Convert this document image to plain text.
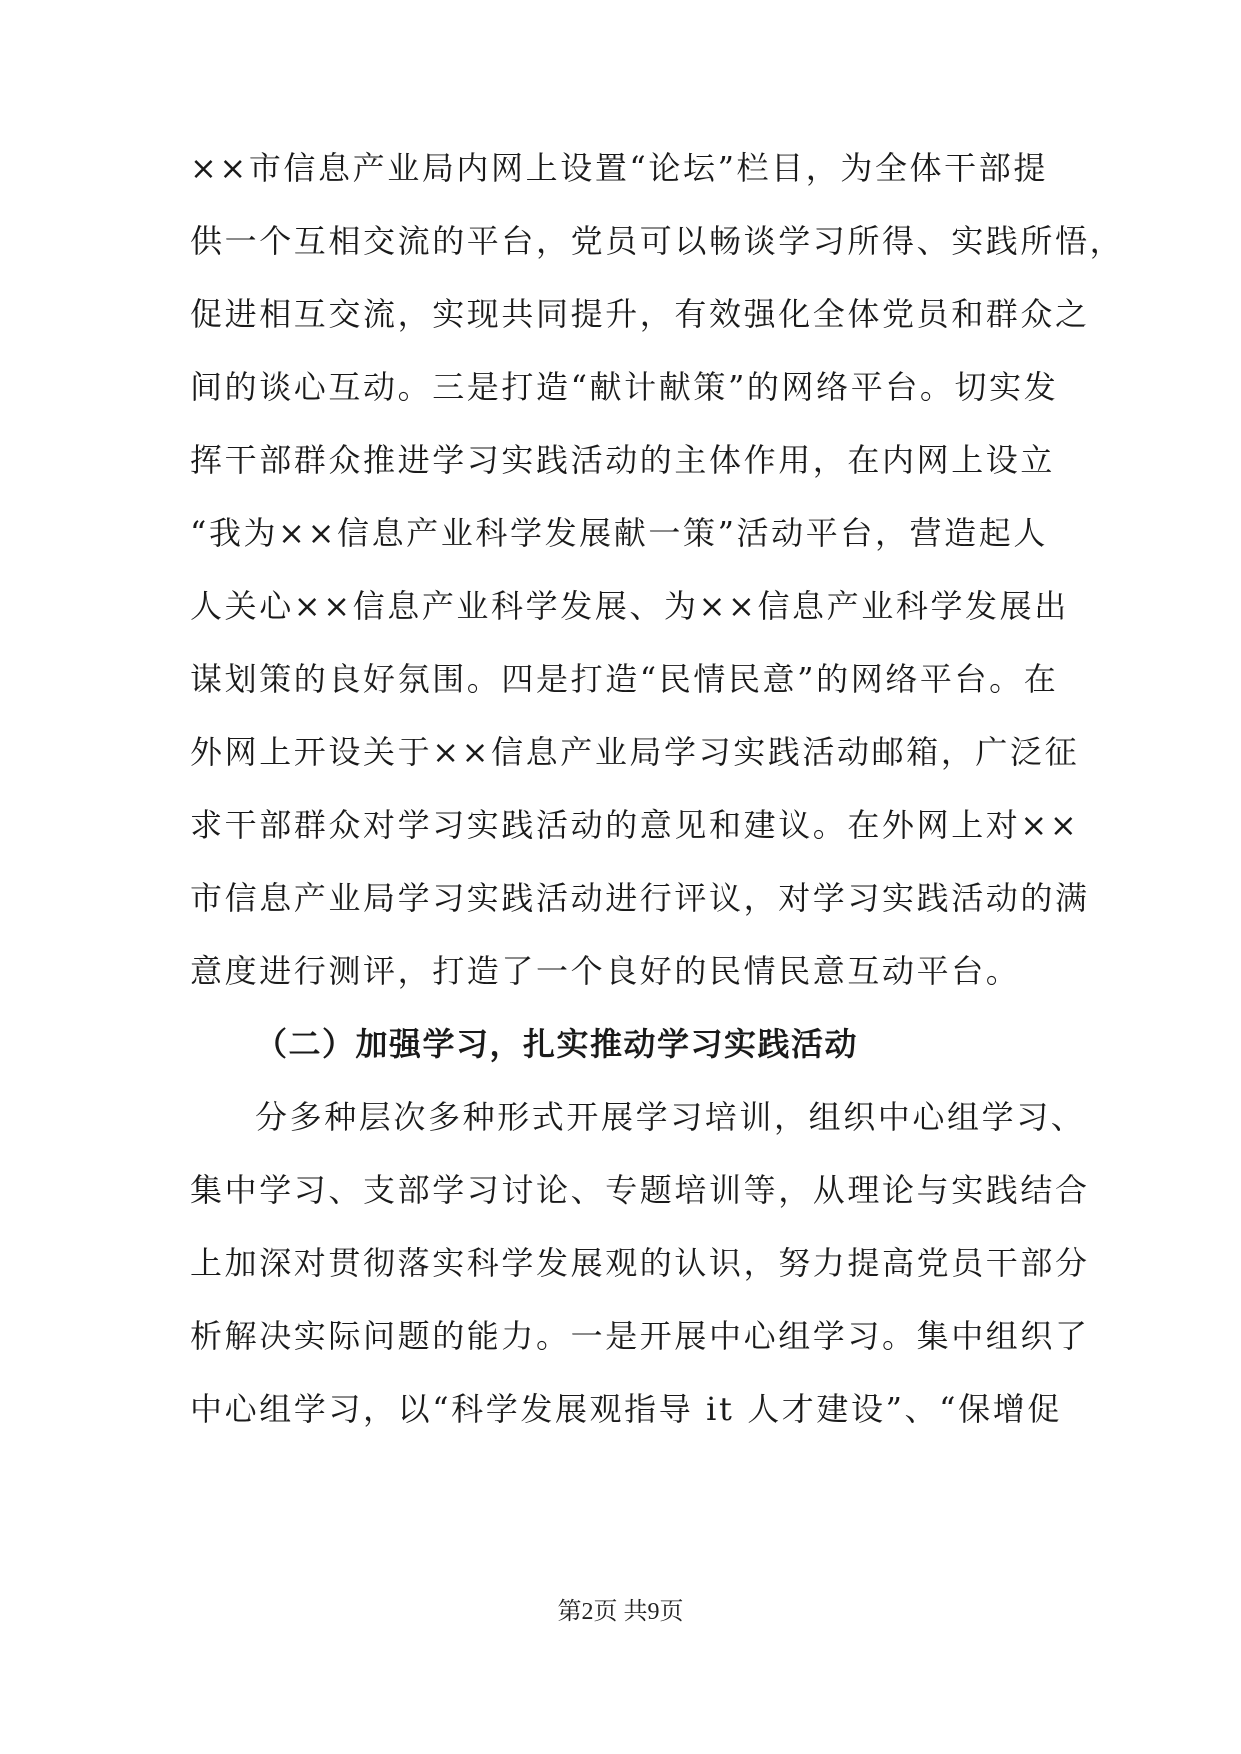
××市信息产业局内网上设置“论坛”栏目，为全体干部提
供一个互相交流的平台，党员可以畅谈学习所得、实践所悟，
促进相互交流，实现共同提升，有效强化全体党员和群众之
间的谈心互动。三是打造“献计献策”的网络平台。切实发
挥干部群众推进学习实践活动的主体作用，在内网上设立
“我为××信息产业科学发展献一策”活动平台，营造起人
人关心××信息产业科学发展、为××信息产业科学发展出
谋划策的良好氛围。四是打造“民情民意”的网络平台。在
外网上开设关于××信息产业局学习实践活动邮箱，广泛征
求干部群众对学习实践活动的意见和建议。在外网上对××
市信息产业局学习实践活动进行评议，对学习实践活动的满
意度进行测评，打造了一个良好的民情民意互动平台。
（二）加强学习，扎实推动学习实践活动
分多种层次多种形式开展学习培训，组织中心组学习、
集中学习、支部学习讨论、专题培训等，从理论与实践结合
上加深对贯彻落实科学发展观的认识，努力提高党员干部分
析解决实际问题的能力。一是开展中心组学习。集中组织了
中心组学习，以“科学发展观指导 it 人才建设”、“保增促
第2页 共9页
